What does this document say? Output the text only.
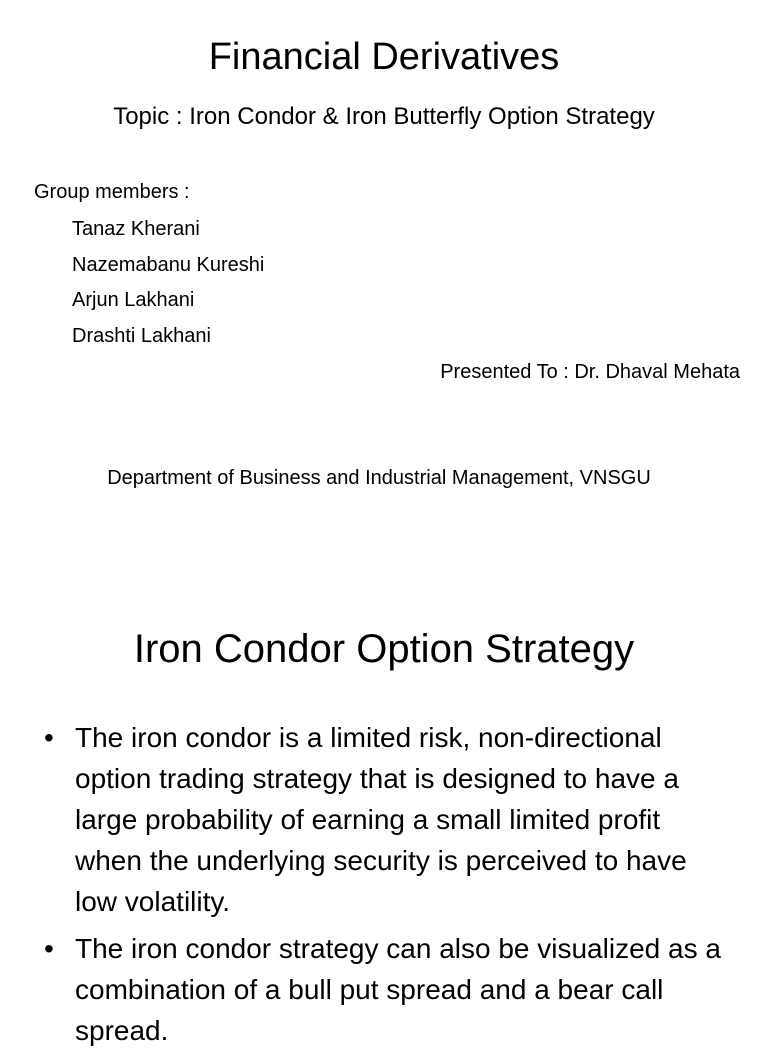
Financial Derivatives
Topic : Iron Condor & Iron Butterfly Option Strategy
Group members :
Tanaz Kherani
Nazemabanu Kureshi
Arjun Lakhani
Drashti Lakhani
Presented To : Dr. Dhaval Mehata
Department of Business and Industrial Management, VNSGU
Iron Condor Option Strategy
• The iron condor is a limited risk, non-directional option trading strategy that is designed to have a large probability of earning a small limited profit when the underlying security is perceived to have low volatility.
• The iron condor strategy can also be visualized as a combination of a bull put spread and a bear call spread.
